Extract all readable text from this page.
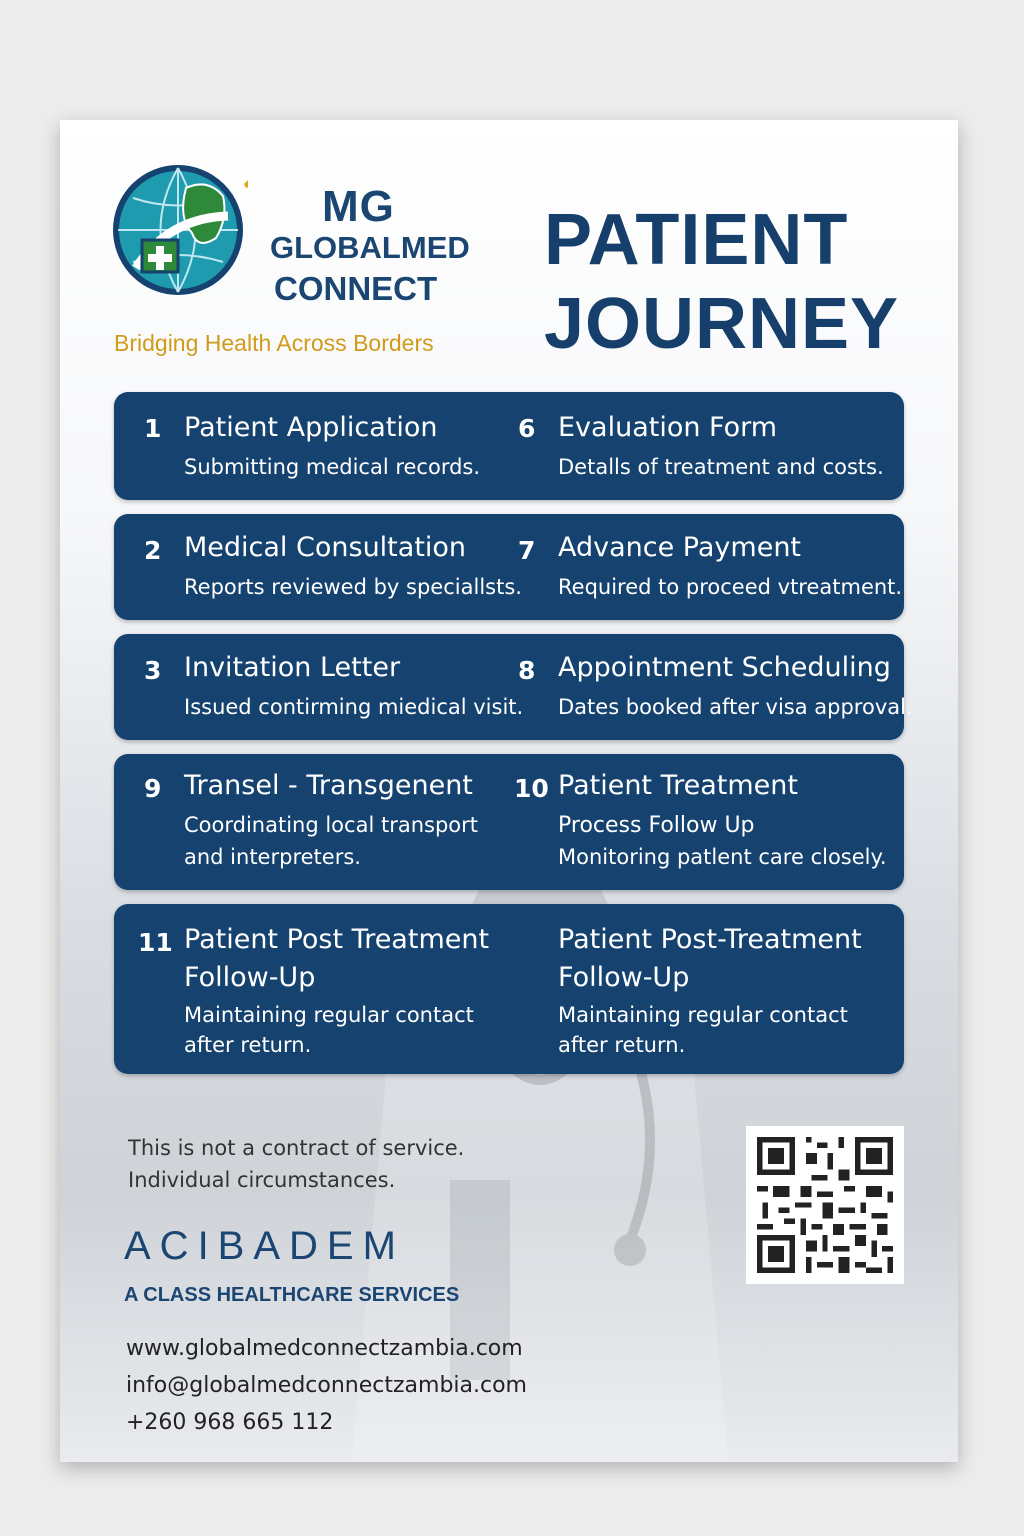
MG
GLOBALMED
CONNECT
Bridging Health Across Borders
PATIENT
JOURNEY
1 Patient Application
Submitting medical records.
6 Evaluation Form
Detalls of treatment and costs.
2 Medical Consultation
Reports reviewed by speciallsts.
7 Advance Payment
Required to proceed vtreatment.
3 Invitation Letter
Issued contirming miedical visit.
8 Appointment Scheduling
Dates booked after visa approval.
9 Transel - Transgenent
Coordinating local transport
and interpreters.
10 Patient Treatment
Process Follow Up
Monitoring patlent care closely.
11 Patient Post Treatment
Follow-Up
Maintaining regular contact
after return.
Patient Post-Treatment
Follow-Up
Maintaining regular contact
after return.
This is not a contract of service.
Individual circumstances.
ACIBADEM
A CLASS HEALTHCARE SERVICES
www.globalmedconnectzambia.com
info@globalmedconnectzambia.com
+260 968 665 112
